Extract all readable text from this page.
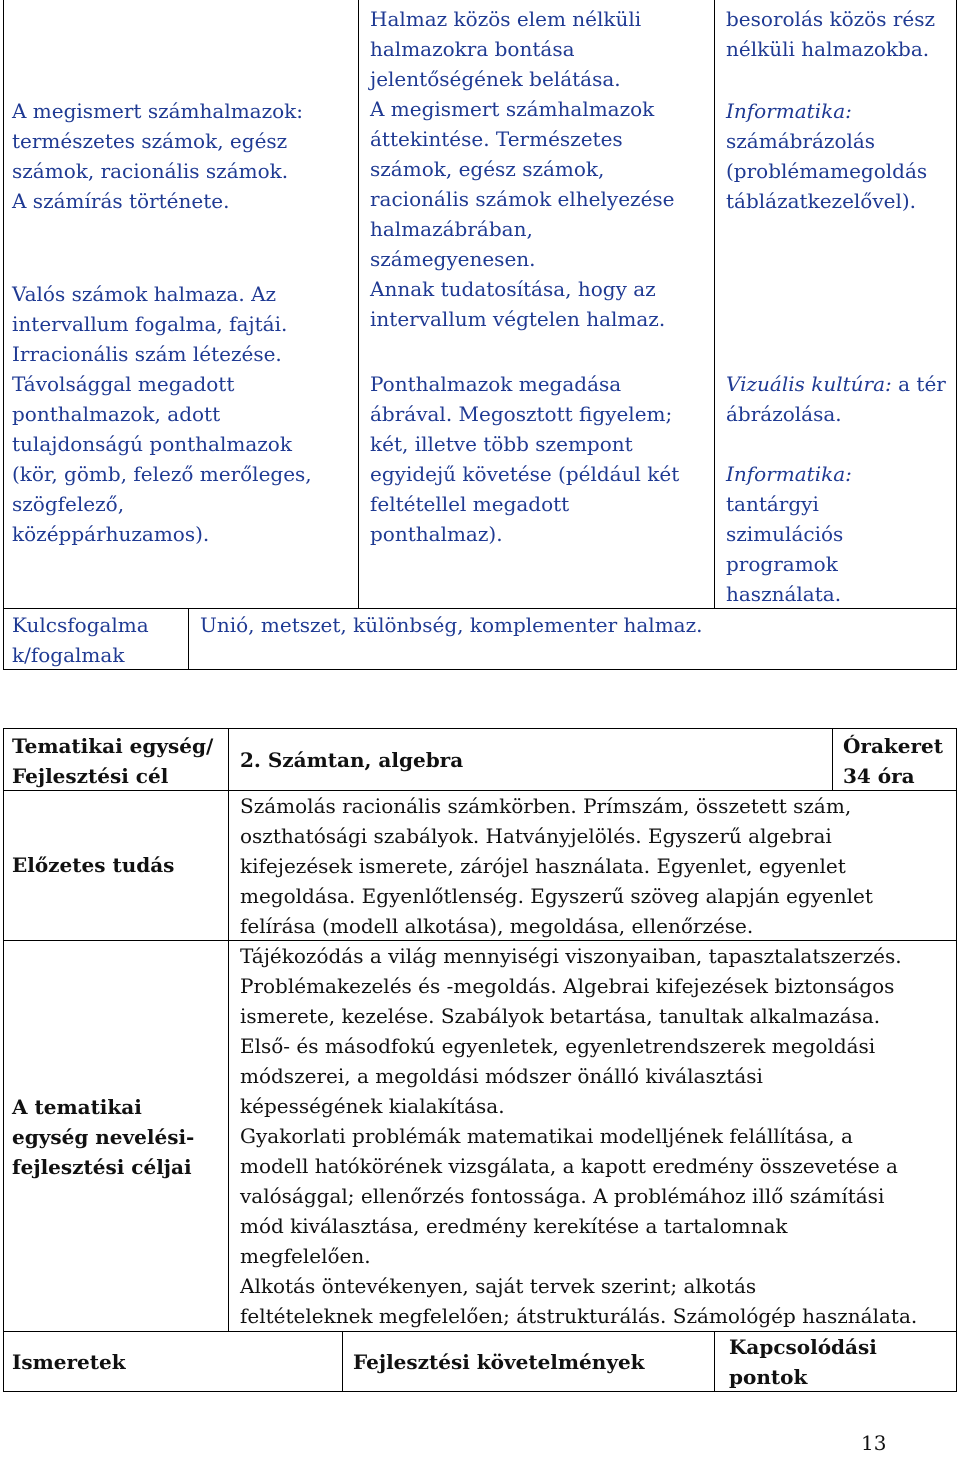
A megismert számhalmazok:
természetes számok, egész
számok, racionális számok.
A számírás története.
Valós számok halmaza. Az
intervallum fogalma, fajtái.
Irracionális szám létezése.
Távolsággal megadott
ponthalmazok, adott
tulajdonságú ponthalmazok
(kör, gömb, felező merőleges,
szögfelező,
középpárhuzamos).
Halmaz közös elem nélküli
halmazokra bontása
jelentőségének belátása.
A megismert számhalmazok
áttekintése. Természetes
számok, egész számok,
racionális számok elhelyezése
halmazábrában,
számegyenesen.
Annak tudatosítása, hogy az
intervallum végtelen halmaz.
Ponthalmazok megadása
ábrával. Megosztott figyelem;
két, illetve több szempont
egyidejű követése (például két
feltétellel megadott
ponthalmaz).
besorolás közös rész
nélküli halmazokba.
Informatika:
számábrázolás
(problémamegoldás
táblázatkezelővel).
Vizuális kultúra: a tér
ábrázolása.
Informatika:
tantárgyi
szimulációs
programok
használata.
Kulcsfogalma
k/fogalmak
Unió, metszet, különbség, komplementer halmaz.
Tematikai egység/
Fejlesztési cél
2. Számtan, algebra
Órakeret
34 óra
Előzetes tudás
Számolás racionális számkörben. Prímszám, összetett szám,
oszthatósági szabályok. Hatványjelölés. Egyszerű algebrai
kifejezések ismerete, zárójel használata. Egyenlet, egyenlet
megoldása. Egyenlőtlenség. Egyszerű szöveg alapján egyenlet
felírása (modell alkotása), megoldása, ellenőrzése.
A tematikai
egység nevelési-
fejlesztési céljai
Tájékozódás a világ mennyiségi viszonyaiban, tapasztalatszerzés.
Problémakezelés és -megoldás. Algebrai kifejezések biztonságos
ismerete, kezelése. Szabályok betartása, tanultak alkalmazása.
Első- és másodfokú egyenletek, egyenletrendszerek megoldási
módszerei, a megoldási módszer önálló kiválasztási
képességének kialakítása.
Gyakorlati problémák matematikai modelljének felállítása, a
modell hatókörének vizsgálata, a kapott eredmény összevetése a
valósággal; ellenőrzés fontossága. A problémához illő számítási
mód kiválasztása, eredmény kerekítése a tartalomnak
megfelelően.
Alkotás öntevékenyen, saját tervek szerint; alkotás
feltételeknek megfelelően; átstrukturálás. Számológép használata.
Ismeretek	Fejlesztési követelmények
Kapcsolódási
pontok
13
